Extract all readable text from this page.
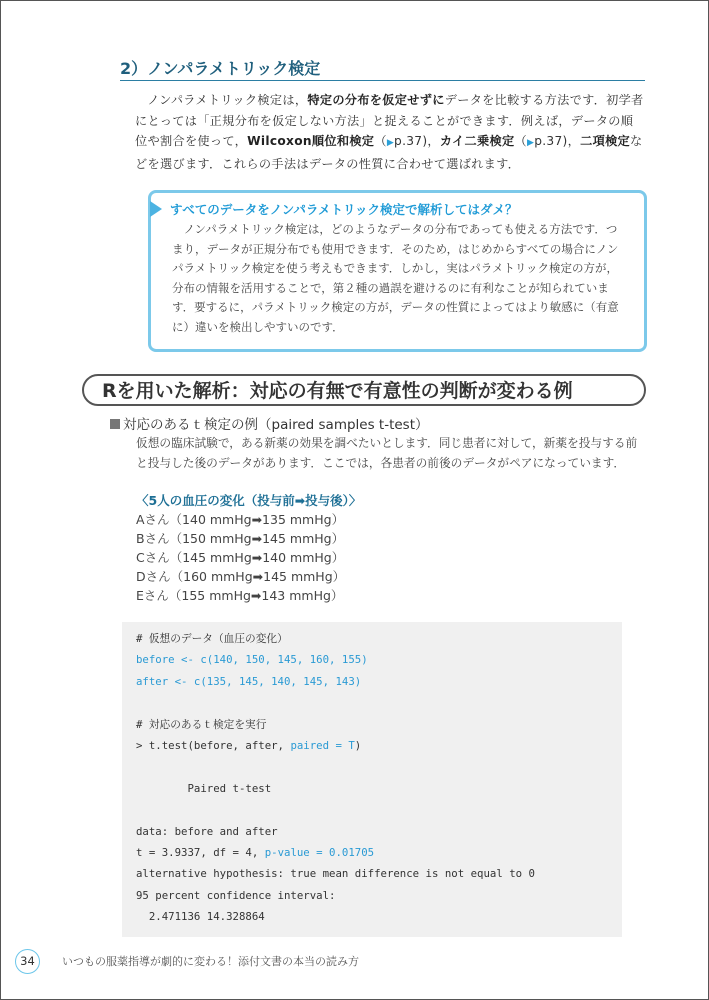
2）ノンパラメトリック検定
ノンパラメトリック検定は，特定の分布を仮定せずにデータを比較する方法です．初学者にとっては「正規分布を仮定しない方法」と捉えることができます．例えば，データの順位や割合を使って，Wilcoxon順位和検定（▶p.37)，カイ二乗検定（▶p.37)，二項検定などを選びます．これらの手法はデータの性質に合わせて選ばれます．
すべてのデータをノンパラメトリック検定で解析してはダメ？
ノンパラメトリック検定は，どのようなデータの分布であっても使える方法です．つまり，データが正規分布でも使用できます．そのため，はじめからすべての場合にノンパラメトリック検定を使う考えもできます．しかし，実はパラメトリック検定の方が，分布の情報を活用することで，第２種の過誤を避けるのに有利なことが知られています．要するに，パラメトリック検定の方が，データの性質によってはより敏感に（有意に）違いを検出しやすいのです．
Rを用いた解析：対応の有無で有意性の判断が変わる例
対応のあるｔ検定の例（paired samples t-test）
仮想の臨床試験で，ある新薬の効果を調べたいとします．同じ患者に対して，新薬を投与する前と投与した後のデータがあります．ここでは，各患者の前後のデータがペアになっています．
〈5人の血圧の変化（投与前➡投与後）〉
Aさん（140 mmHg➡135 mmHg）
Bさん（150 mmHg➡145 mmHg）
Cさん（145 mmHg➡140 mmHg）
Dさん（160 mmHg➡145 mmHg）
Eさん（155 mmHg➡143 mmHg）
# 仮想のデータ（血圧の変化）
before <- c(140, 150, 145, 160, 155)
after <- c(135, 145, 140, 145, 143)

# 対応のあるｔ検定を実行
> t.test(before, after, paired = T)

Paired t-test

data: before and after
t = 3.9337, df = 4, p-value = 0.01705
alternative hypothesis: true mean difference is not equal to 0
95 percent confidence interval:
2.471136 14.328864
34	いつもの服薬指導が劇的に変わる！添付文書の本当の読み方
